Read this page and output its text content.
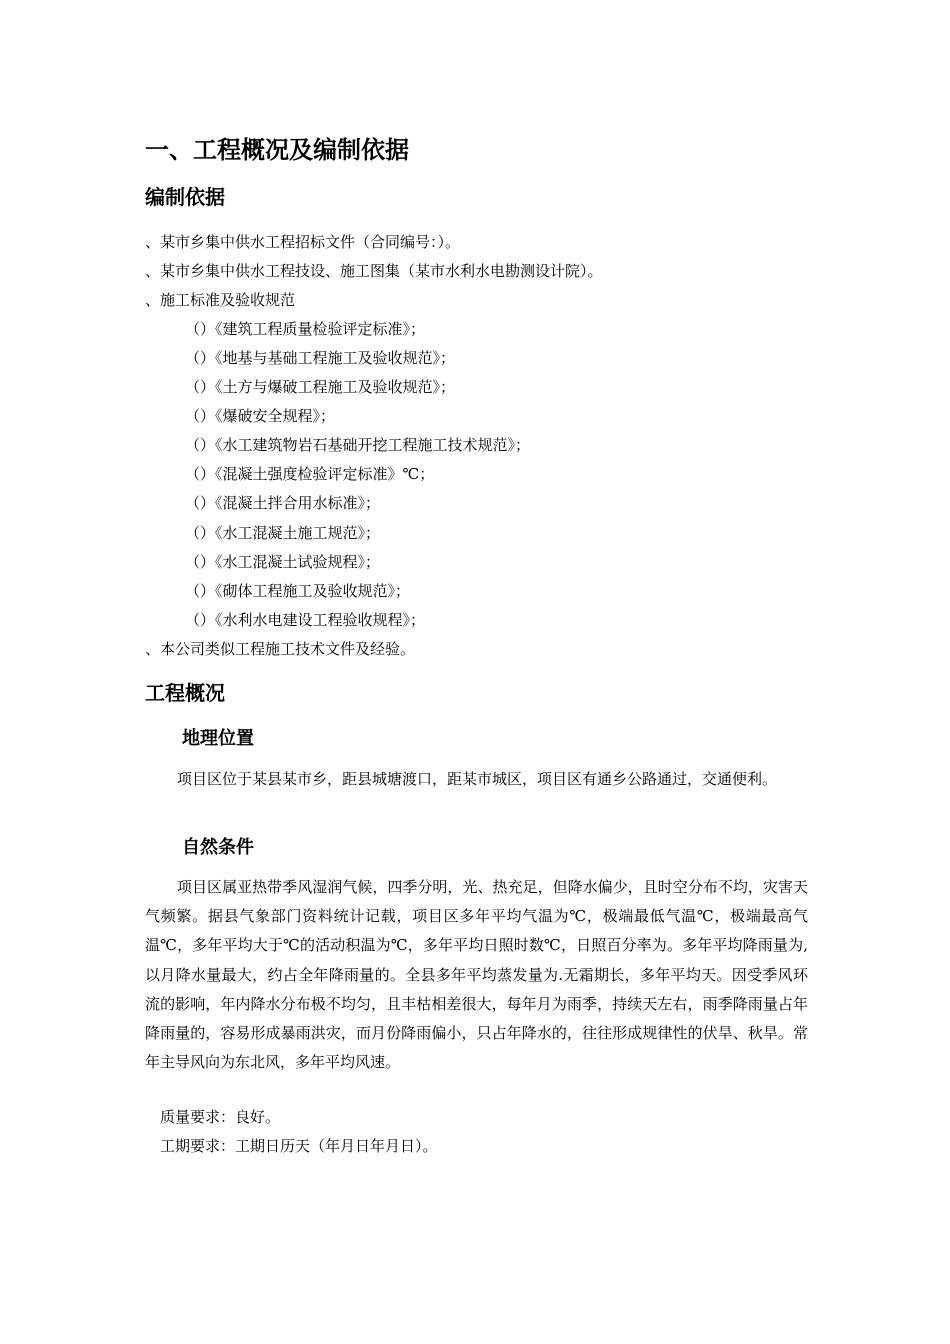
一、工程概况及编制依据
编制依据
、某市乡集中供水工程招标文件（合同编号：）。
、某市乡集中供水工程技设、施工图集（某市水利水电勘测设计院）。
、施工标准及验收规范
（）《建筑工程质量检验评定标准》；
（）《地基与基础工程施工及验收规范》；
（）《土方与爆破工程施工及验收规范》；
（）《爆破安全规程》；
（）《水工建筑物岩石基础开挖工程施工技术规范》；
（）《混凝土强度检验评定标准》℃；
（）《混凝土拌合用水标准》；
（）《水工混凝土施工规范》；
（）《水工混凝土试验规程》；
（）《砌体工程施工及验收规范》；
（）《水利水电建设工程验收规程》；
、本公司类似工程施工技术文件及经验。
工程概况
地理位置
项目区位于某县某市乡，距县城塘渡口，距某市城区，项目区有通乡公路通过，交通便利。
自然条件
项目区属亚热带季风湿润气候，四季分明，光、热充足，但降水偏少，且时空分布不均，灾害天气频繁。据县气象部门资料统计记载，项目区多年平均气温为℃，极端最低气温℃，极端最高气温℃，多年平均大于℃的活动积温为℃，多年平均日照时数℃，日照百分率为。多年平均降雨量为,以月降水量最大，约占全年降雨量的。全县多年平均蒸发量为.无霜期长，多年平均天。因受季风环流的影响，年内降水分布极不均匀，且丰枯相差很大，每年月为雨季，持续天左右，雨季降雨量占年降雨量的，容易形成暴雨洪灾，而月份降雨偏小，只占年降水的，往往形成规律性的伏旱、秋旱。常年主导风向为东北风，多年平均风速。
质量要求：良好。
工期要求：工期日历天（年月日年月日）。
